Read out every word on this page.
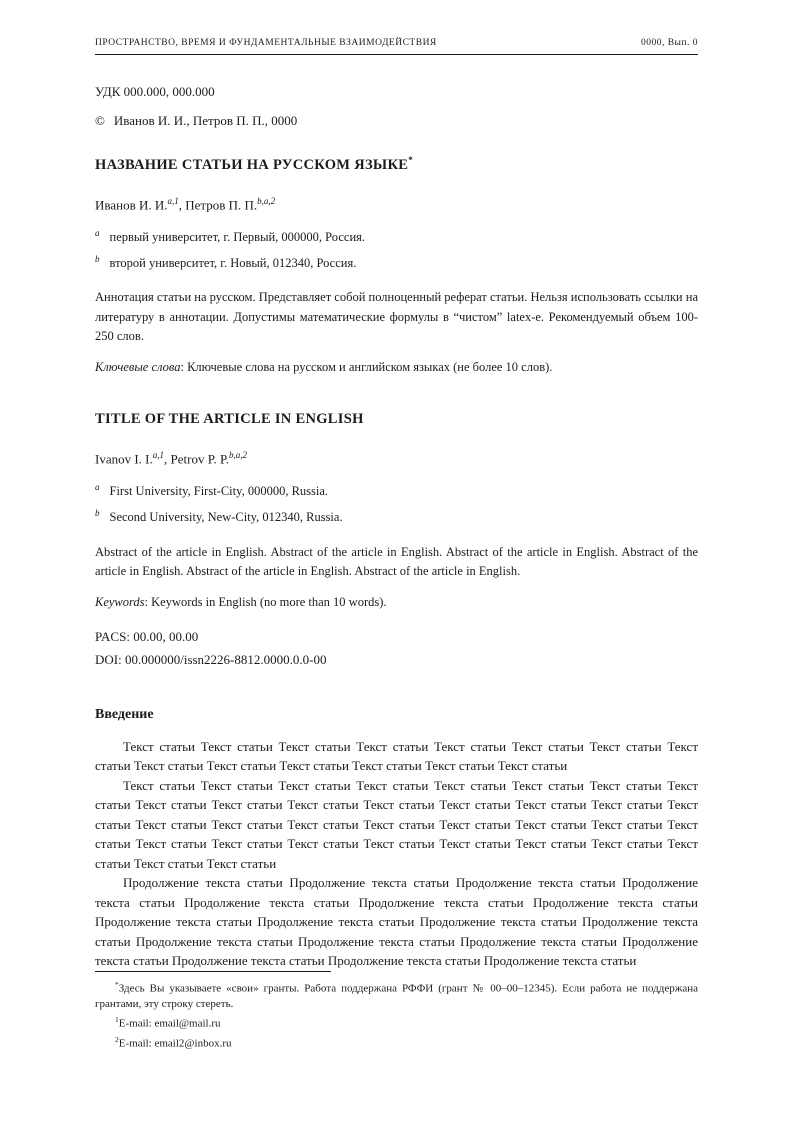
ПРОСТРАНСТВО, ВРЕМЯ И ФУНДАМЕНТАЛЬНЫЕ ВЗАИМОДЕЙСТВИЯ	0000, Вып. 0
УДК 000.000, 000.000
© Иванов И. И., Петров П. П., 0000
НАЗВАНИЕ СТАТЬИ НА РУССКОМ ЯЗЫКЕ*
Иванов И. И.$^{a,1}$, Петров П. П.$^{b,a,2}$
$^a$ первый университет, г. Первый, 000000, Россия.
$^b$ второй университет, г. Новый, 012340, Россия.
Аннотация статьи на русском. Представляет собой полноценный реферат статьи. Нельзя использовать ссылки на литературу в аннотации. Допустимы математические формулы в “чистом” latex-e. Рекомендуемый объем 100-250 слов.
Ключевые слова: Ключевые слова на русском и английском языках (не более 10 слов).
TITLE OF THE ARTICLE IN ENGLISH
Ivanov I. I.$^{a,1}$, Petrov P. P.$^{b,a,2}$
$^a$ First University, First-City, 000000, Russia.
$^b$ Second University, New-City, 012340, Russia.
Abstract of the article in English. Abstract of the article in English. Abstract of the article in English. Abstract of the article in English. Abstract of the article in English. Abstract of the article in English.
Keywords: Keywords in English (no more than 10 words).
PACS: 00.00, 00.00
DOI: 00.000000/issn2226-8812.0000.0.0-00
Введение
Текст статьи Текст статьи Текст статьи Текст статьи Текст статьи Текст статьи Текст статьи Текст статьи Текст статьи Текст статьи Текст статьи Текст статьи Текст статьи Текст статьи
Текст статьи Текст статьи Текст статьи Текст статьи Текст статьи Текст статьи Текст статьи Текст статьи Текст статьи Текст статьи Текст статьи Текст статьи Текст статьи Текст статьи Текст статьи Текст статьи Текст статьи Текст статьи Текст статьи Текст статьи Текст статьи Текст статьи Текст статьи Текст статьи Текст статьи Текст статьи Текст статьи Текст статьи Текст статьи Текст статьи Текст статьи Текст статьи Текст статьи Текст статьи
Продолжение текста статьи Продолжение текста статьи Продолжение текста статьи Продолжение текста статьи Продолжение текста статьи Продолжение текста статьи Продолжение текста статьи Продолжение текста статьи Продолжение текста статьи Продолжение текста статьи Продолжение текста статьи Продолжение текста статьи Продолжение текста статьи Продолжение текста статьи Продолжение текста статьи Продолжение текста статьи Продолжение текста статьи Продолжение текста статьи
*Здесь Вы указываете «свои» гранты. Работа поддержана РФФИ (грант № 00–00–12345). Если работа не поддержана грантами, эту строку стереть.
$^1$E-mail: email@mail.ru
$^2$E-mail: email2@inbox.ru
